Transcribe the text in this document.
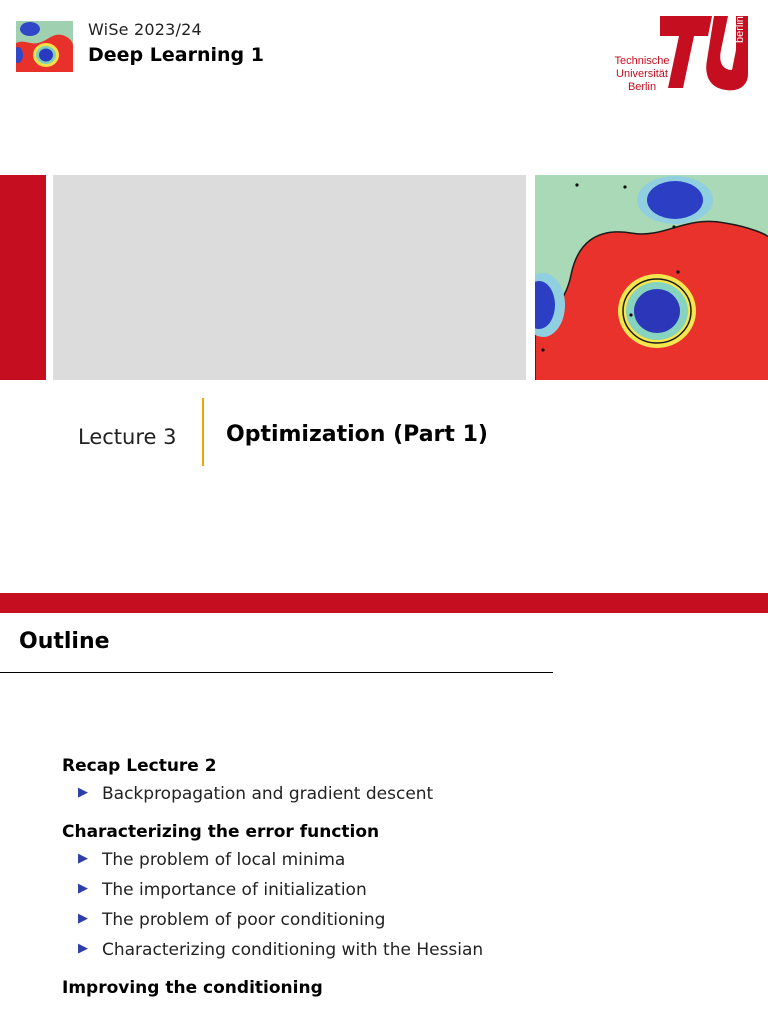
WiSe 2023/24
Deep Learning 1
berlin
Technische
Universität
Berlin
Lecture 3 Optimization (Part 1)
Outline
Recap Lecture 2
▶ Backpropagation and gradient descent
Characterizing the error function
▶ The problem of local minima
▶ The importance of initialization
▶ The problem of poor conditioning
▶ Characterizing conditioning with the Hessian
Improving the conditioning
